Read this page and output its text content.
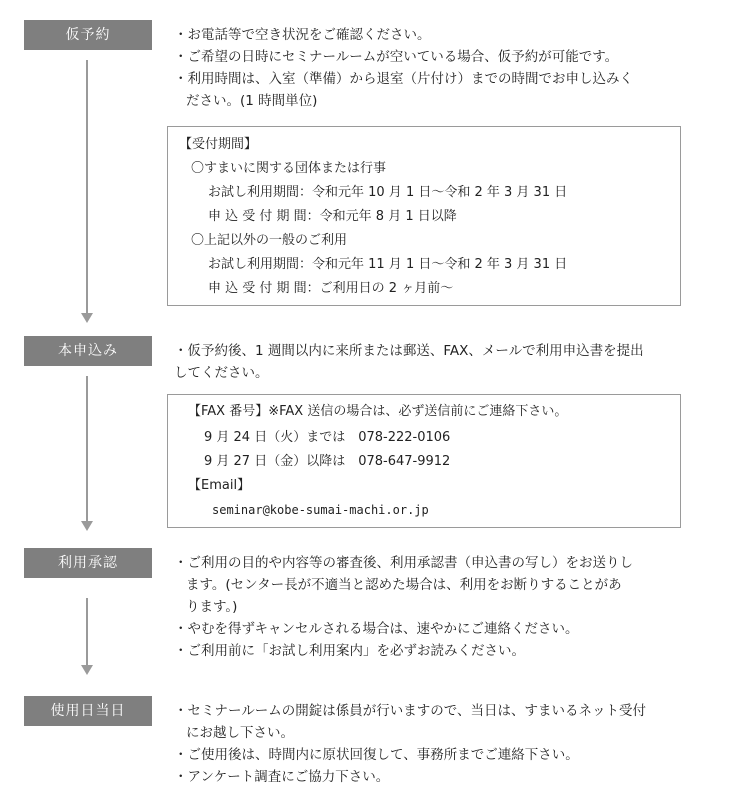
仮予約	・お電話等で空き状況をご確認ください。
・ご希望の日時にセミナールームが空いている場合、仮予約が可能です。
・利用時間は、入室（準備）から退室（片付け）までの時間でお申し込みく
ださい。(1 時間単位)
【受付期間】
〇すまいに関する団体または行事
お試し利用期間：令和元年 10 月 1 日～令和 2 年 3 月 31 日
申 込 受 付 期 間：令和元年 8 月 1 日以降
〇上記以外の一般のご利用
お試し利用期間：令和元年 11 月 1 日～令和 2 年 3 月 31 日
申 込 受 付 期 間：ご利用日の 2 ヶ月前～
本申込み	・仮予約後、1 週間以内に来所または郵送、FAX、メールで利用申込書を提出
してください。
【FAX 番号】※FAX 送信の場合は、必ず送信前にご連絡下さい。
9 月 24 日（火）までは　078-222-0106
9 月 27 日（金）以降は　078-647-9912
【Email】
seminar@kobe-sumai-machi.or.jp
利用承認	・ご利用の目的や内容等の審査後、利用承認書（申込書の写し）をお送りし
ます。(センター長が不適当と認めた場合は、利用をお断りすることがあ
ります。)
・やむを得ずキャンセルされる場合は、速やかにご連絡ください。
・ご利用前に「お試し利用案内」を必ずお読みください。
使用日当日	・セミナールームの開錠は係員が行いますので、当日は、すまいるネット受付
にお越し下さい。
・ご使用後は、時間内に原状回復して、事務所までご連絡下さい。
・アンケート調査にご協力下さい。
